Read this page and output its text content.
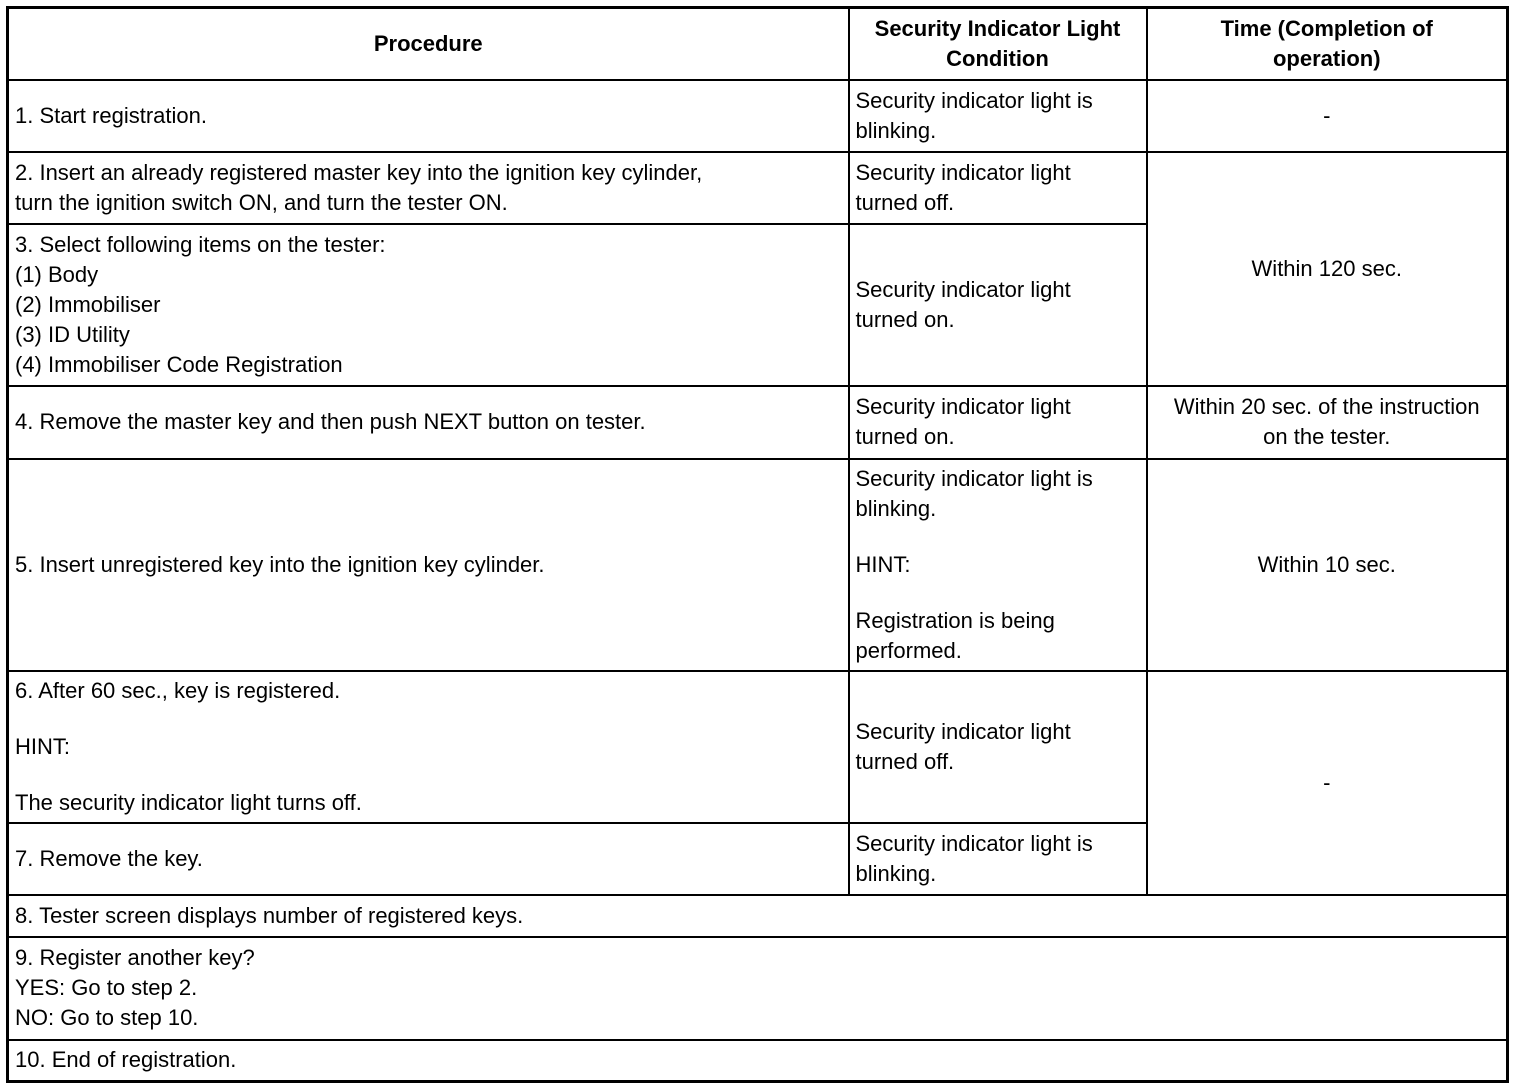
Procedure	Security Indicator Light
Condition	Time (Completion of
operation)

1. Start registration.	Security indicator light is
blinking.	-

2. Insert an already registered master key into the ignition key cylinder,
turn the ignition switch ON, and turn the tester ON.	Security indicator light
turned off.	Within 120 sec.

3. Select following items on the tester:
(1) Body
(2) Immobiliser
(3) ID Utility
(4) Immobiliser Code Registration	Security indicator light
turned on.	

4. Remove the master key and then push NEXT button on tester.	Security indicator light
turned on.	Within 20 sec. of the instruction
on the tester.

5. Insert unregistered key into the ignition key cylinder.	Security indicator light is
blinking.
HINT:
Registration is being
performed.	Within 10 sec.

6. After 60 sec., key is registered.
HINT:
The security indicator light turns off.	Security indicator light
turned off.	-
7. Remove the key.	Security indicator light is
blinking.	

8. Tester screen displays number of registered keys.		

9. Register another key?
YES: Go to step 2.
NO: Go to step 10.		

10. End of registration.		
